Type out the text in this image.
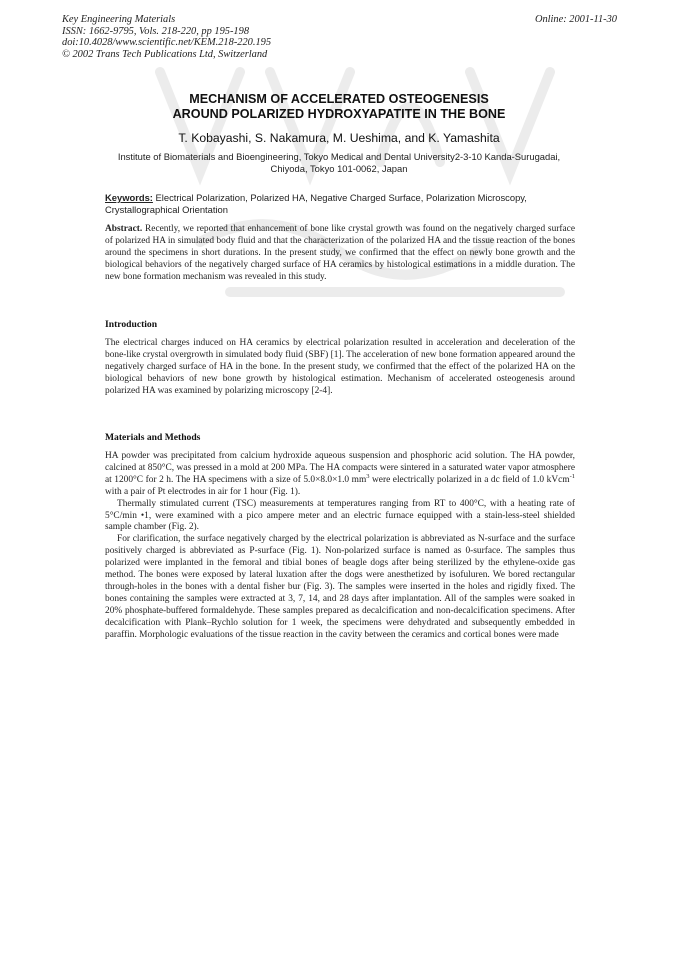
Key Engineering Materials
ISSN: 1662-9795, Vols. 218-220, pp 195-198
doi:10.4028/www.scientific.net/KEM.218-220.195
© 2002 Trans Tech Publications Ltd, Switzerland
Online: 2001-11-30
MECHANISM OF ACCELERATED OSTEOGENESIS
AROUND POLARIZED HYDROXYAPATITE IN THE BONE
T. Kobayashi, S. Nakamura, M. Ueshima, and K. Yamashita
Institute of Biomaterials and Bioengineering, Tokyo Medical and Dental University2-3-10 Kanda-Surugadai, Chiyoda, Tokyo 101-0062, Japan
Keywords: Electrical Polarization, Polarized HA, Negative Charged Surface, Polarization Microscopy, Crystallographical Orientation

Abstract. Recently, we reported that enhancement of bone like crystal growth was found on the negatively charged surface of polarized HA in simulated body fluid and that the characterization of the polarized HA and the tissue reaction of the bones around the specimens in short durations. In the present study, we confirmed that the effect on newly bone growth and the biological behaviors of the negatively charged surface of HA ceramics by histological estimations in a middle duration. The new bone formation mechanism was revealed in this study.

Introduction

The electrical charges induced on HA ceramics by electrical polarization resulted in acceleration and deceleration of the bone-like crystal overgrowth in simulated body fluid (SBF) [1]. The acceleration of new bone formation appeared around the negatively charged surface of HA in the bone. In the present study, we confirmed that the effect of the polarized HA on the biological behaviors of new bone growth by histological estimation. Mechanism of accelerated osteogenesis around polarized HA was examined by polarizing microscopy [2-4].

Materials and Methods

HA powder was precipitated from calcium hydroxide aqueous suspension and phosphoric acid solution. The HA powder, calcined at 850°C, was pressed in a mold at 200 MPa. The HA compacts were sintered in a saturated water vapor atmosphere at 1200°C for 2 h. The HA specimens with a size of 5.0×8.0×1.0 $mm^3$ were electrically polarized in a dc field of 1.0 kVcm$^{-1}$ with a pair of Pt electrodes in air for 1 hour (Fig. 1).

Thermally stimulated current (TSC) measurements at temperatures ranging from RT to 400°C, with a heating rate of 5°C/min •1, were examined with a pico ampere meter and an electric furnace equipped with a stain-less-steel shielded sample chamber (Fig. 2).

For clarification, the surface negatively charged by the electrical polarization is abbreviated as N-surface and the surface positively charged is abbreviated as P-surface (Fig. 1). Non-polarized surface is named as 0-surface. The samples thus polarized were implanted in the femoral and tibial bones of beagle dogs after being sterilized by the ethylene-oxide gas method. The bones were exposed by lateral luxation after the dogs were anesthetized by isofuluren. We bored rectangular through-holes in the bones with a dental fisher bur (Fig. 3). The samples were inserted in the holes and rigidly fixed. The bones containing the samples were extracted at 3, 7, 14, and 28 days after implantation. All of the samples were soaked in 20% phosphate-buffered formaldehyde. These samples prepared as decalcification and non-decalcification specimens. After decalcification with Plank–Rychlo solution for 1 week, the specimens were dehydrated and subsequently embedded in paraffin. Morphologic evaluations of the tissue reaction in the cavity between the ceramics and cortical bones were made
